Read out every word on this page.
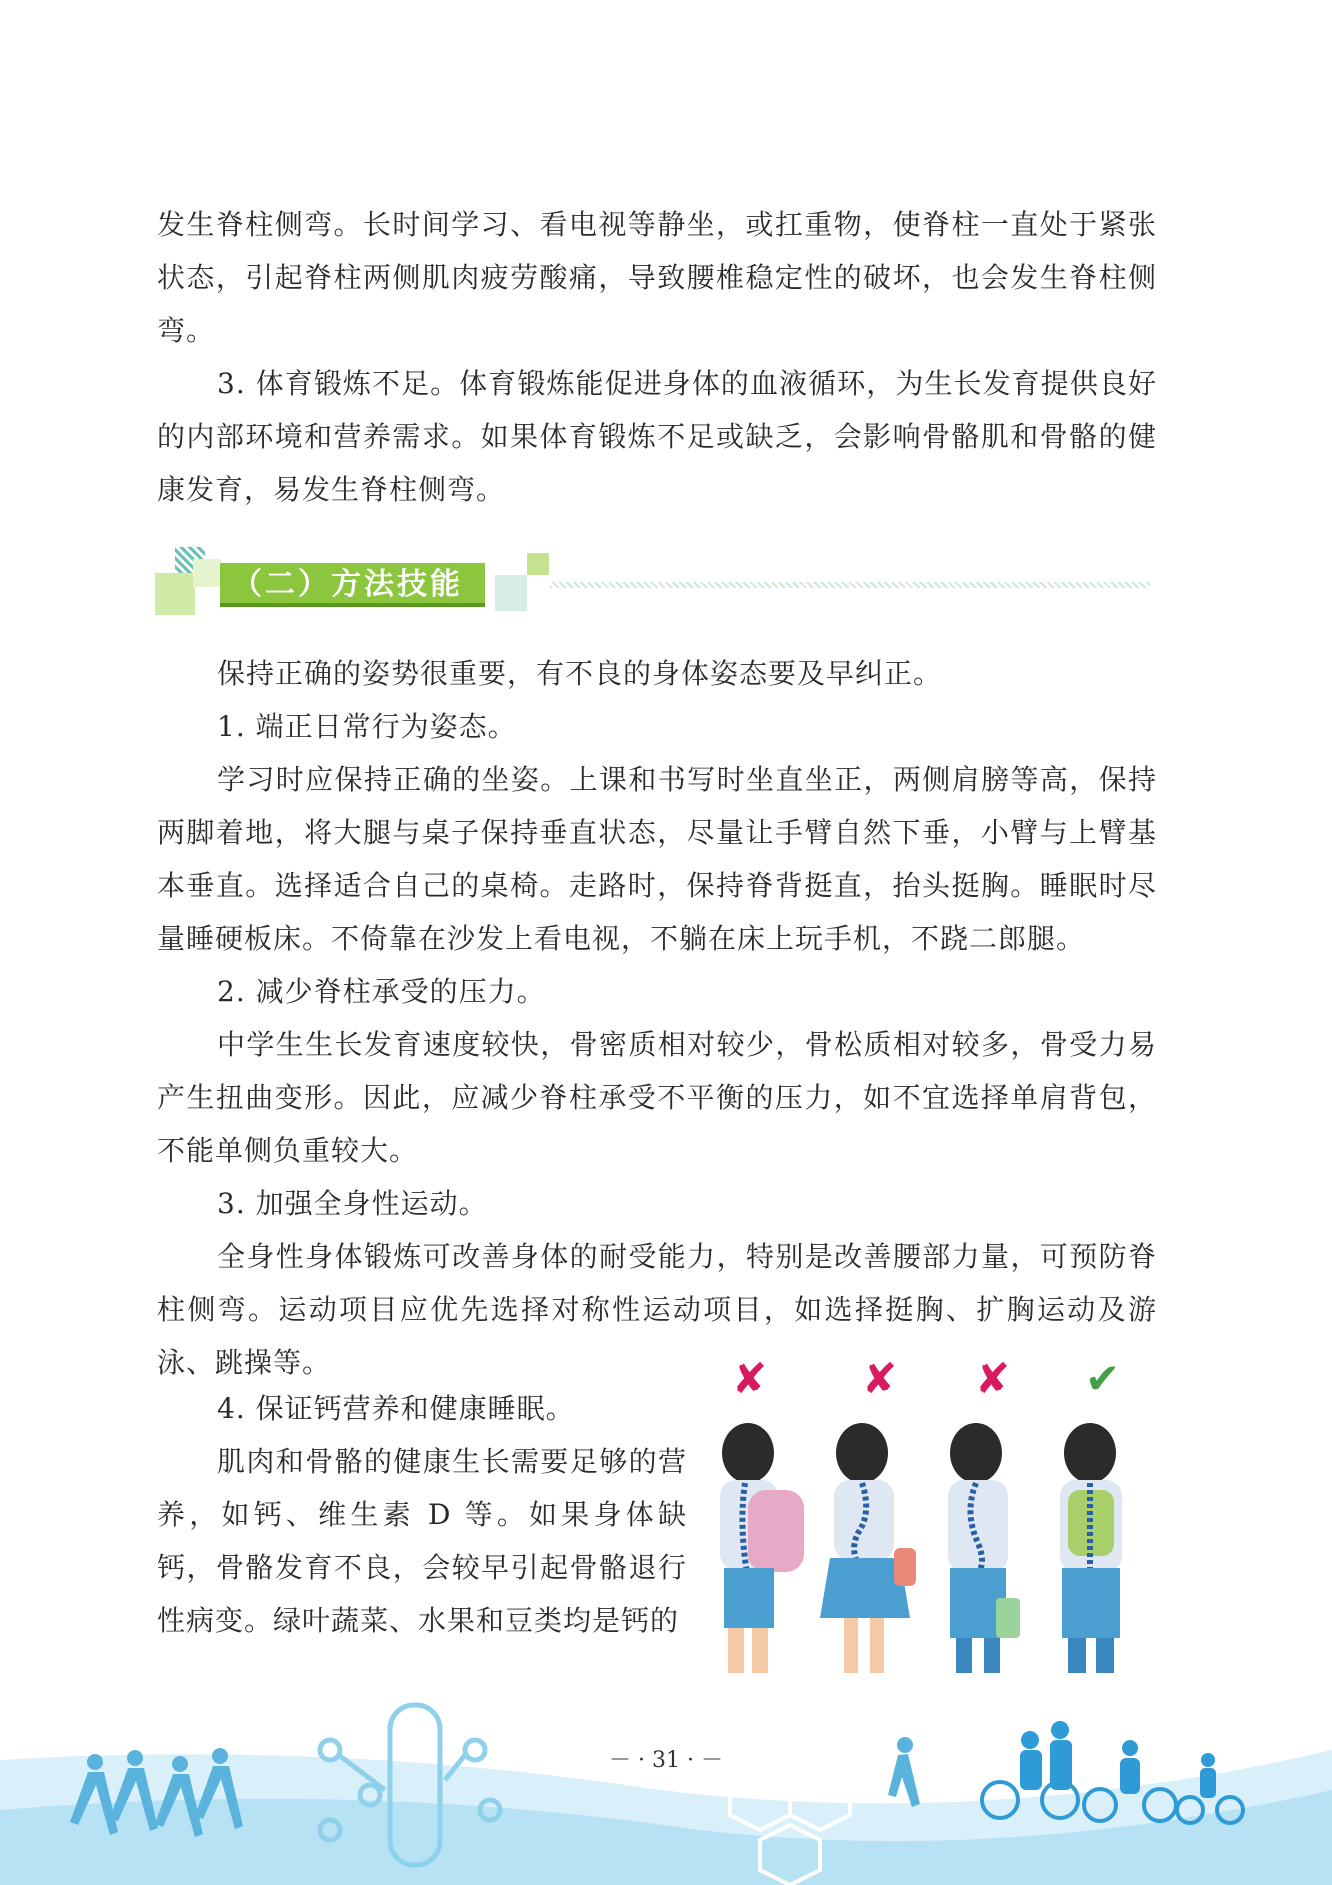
发生脊柱侧弯。长时间学习、看电视等静坐，或扛重物，使脊柱一直处于紧张状态，引起脊柱两侧肌肉疲劳酸痛，导致腰椎稳定性的破坏，也会发生脊柱侧弯。

3. 体育锻炼不足。体育锻炼能促进身体的血液循环，为生长发育提供良好的内部环境和营养需求。如果体育锻炼不足或缺乏，会影响骨骼肌和骨骼的健康发育，易发生脊柱侧弯。

（二）方法技能

保持正确的姿势很重要，有不良的身体姿态要及早纠正。

1. 端正日常行为姿态。

学习时应保持正确的坐姿。上课和书写时坐直坐正，两侧肩膀等高，保持两脚着地，将大腿与桌子保持垂直状态，尽量让手臂自然下垂，小臂与上臂基本垂直。选择适合自己的桌椅。走路时，保持脊背挺直，抬头挺胸。睡眠时尽量睡硬板床。不倚靠在沙发上看电视，不躺在床上玩手机，不跷二郎腿。

2. 减少脊柱承受的压力。

中学生生长发育速度较快，骨密质相对较少，骨松质相对较多，骨受力易产生扭曲变形。因此，应减少脊柱承受不平衡的压力，如不宜选择单肩背包，不能单侧负重较大。

3. 加强全身性运动。

全身性身体锻炼可改善身体的耐受能力，特别是改善腰部力量，可预防脊柱侧弯。运动项目应优先选择对称性运动项目，如选择挺胸、扩胸运动及游泳、跳操等。

4. 保证钙营养和健康睡眠。

肌肉和骨骼的健康生长需要足够的营养，如钙、维生素 D 等。如果身体缺钙，骨骼发育不良，会较早引起骨骼退行性病变。绿叶蔬菜、水果和豆类均是钙的

✘ ✘ ✘ ✔
－ · 31 · －
